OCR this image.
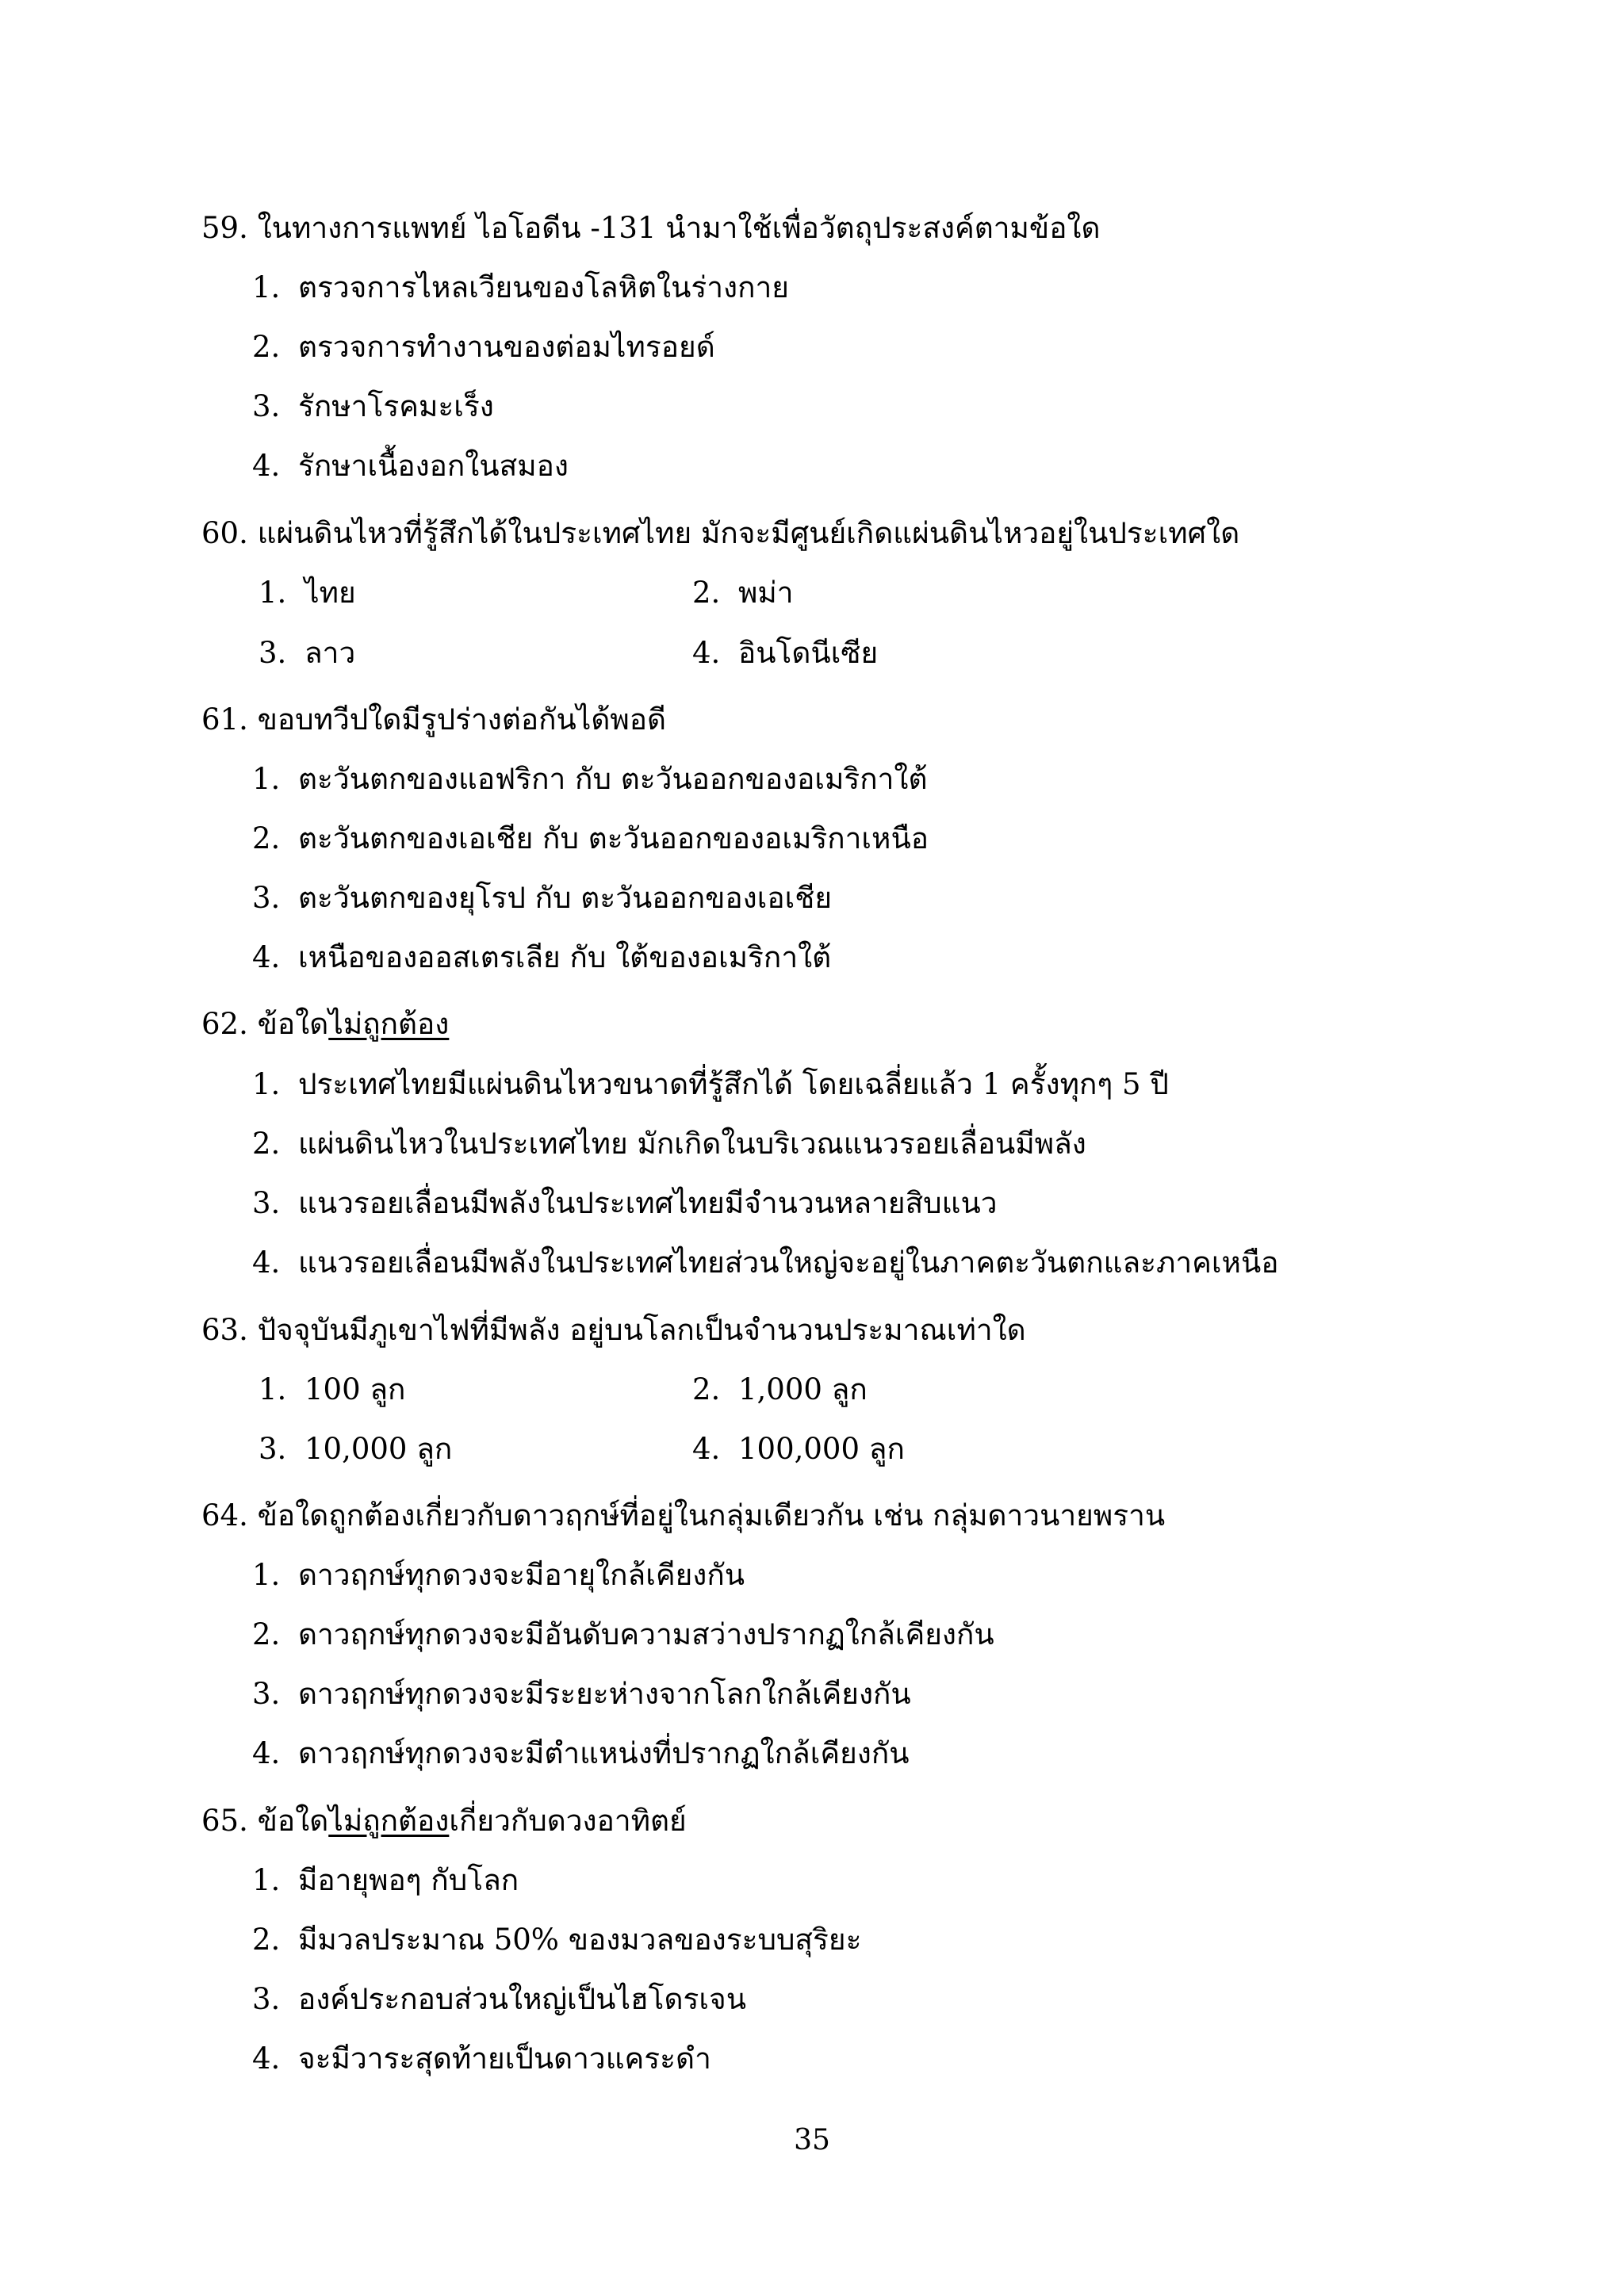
59. ในทางการแพทย์ ไอโอดีน -131 นำมาใช้เพื่อวัตถุประสงค์ตามข้อใด
1. ตรวจการไหลเวียนของโลหิตในร่างกาย
2. ตรวจการทำงานของต่อมไทรอยด์
3. รักษาโรคมะเร็ง
4. รักษาเนื้องอกในสมอง
60. แผ่นดินไหวที่รู้สึกได้ในประเทศไทย มักจะมีศูนย์เกิดแผ่นดินไหวอยู่ในประเทศใด
1. ไทย	2. พม่า
3. ลาว	4. อินโดนีเซีย
61. ขอบทวีปใดมีรูปร่างต่อกันได้พอดี
1. ตะวันตกของแอฟริกา กับ ตะวันออกของอเมริกาใต้
2. ตะวันตกของเอเชีย กับ ตะวันออกของอเมริกาเหนือ
3. ตะวันตกของยุโรป กับ ตะวันออกของเอเชีย
4. เหนือของออสเตรเลีย กับ ใต้ของอเมริกาใต้
62. ข้อใดไม่ถูกต้อง
1. ประเทศไทยมีแผ่นดินไหวขนาดที่รู้สึกได้ โดยเฉลี่ยแล้ว 1 ครั้งทุกๆ 5 ปี
2. แผ่นดินไหวในประเทศไทย มักเกิดในบริเวณแนวรอยเลื่อนมีพลัง
3. แนวรอยเลื่อนมีพลังในประเทศไทยมีจำนวนหลายสิบแนว
4. แนวรอยเลื่อนมีพลังในประเทศไทยส่วนใหญ่จะอยู่ในภาคตะวันตกและภาคเหนือ
63. ปัจจุบันมีภูเขาไฟที่มีพลัง อยู่บนโลกเป็นจำนวนประมาณเท่าใด
1. 100 ลูก	2. 1,000 ลูก
3. 10,000 ลูก	4. 100,000 ลูก
64. ข้อใดถูกต้องเกี่ยวกับดาวฤกษ์ที่อยู่ในกลุ่มเดียวกัน เช่น กลุ่มดาวนายพราน
1. ดาวฤกษ์ทุกดวงจะมีอายุใกล้เคียงกัน
2. ดาวฤกษ์ทุกดวงจะมีอันดับความสว่างปรากฏใกล้เคียงกัน
3. ดาวฤกษ์ทุกดวงจะมีระยะห่างจากโลกใกล้เคียงกัน
4. ดาวฤกษ์ทุกดวงจะมีตำแหน่งที่ปรากฏใกล้เคียงกัน
65. ข้อใดไม่ถูกต้องเกี่ยวกับดวงอาทิตย์
1. มีอายุพอๆ กับโลก
2. มีมวลประมาณ 50% ของมวลของระบบสุริยะ
3. องค์ประกอบส่วนใหญ่เป็นไฮโดรเจน
4. จะมีวาระสุดท้ายเป็นดาวแคระดำ
35
